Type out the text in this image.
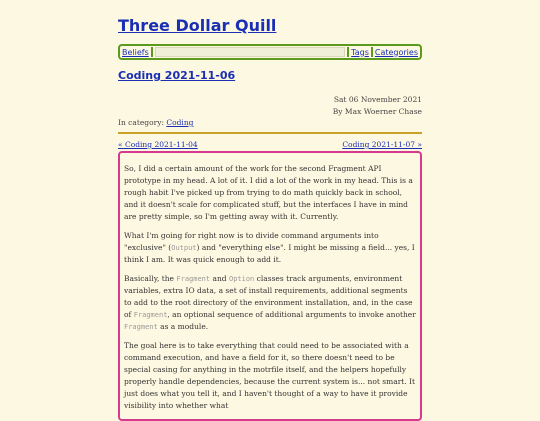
Three Dollar Quill
Beliefs	Tags Categories
Coding 2021-11-06
Sat 06 November 2021
By Max Woerner Chase
In category: Coding
« Coding 2021-11-04	Coding 2021-11-07 »

So, I did a certain amount of the work for the second Fragment API prototype in my head. A lot of it. I did a lot of the work in my head. This is a rough habit I've picked up from trying to do math quickly back in school, and it doesn't scale for complicated stuff, but the interfaces I have in mind are pretty simple, so I'm getting away with it. Currently.

What I'm going for right now is to divide command arguments into "exclusive" (Output) and "everything else". I might be missing a field... yes, I think I am. It was quick enough to add it.

Basically, the Fragment and Option classes track arguments, environment variables, extra IO data, a set of install requirements, additional segments to add to the root directory of the environment installation, and, in the case of Fragment, an optional sequence of additional arguments to invoke another Fragment as a module.

The goal here is to take everything that could need to be associated with a command execution, and have a field for it, so there doesn't need to be special casing for anything in the motrfile itself, and the helpers hopefully properly handle dependencies, because the current system is... not smart. It just does what you tell it, and I haven't thought of a way to have it provide visibility into whether what
